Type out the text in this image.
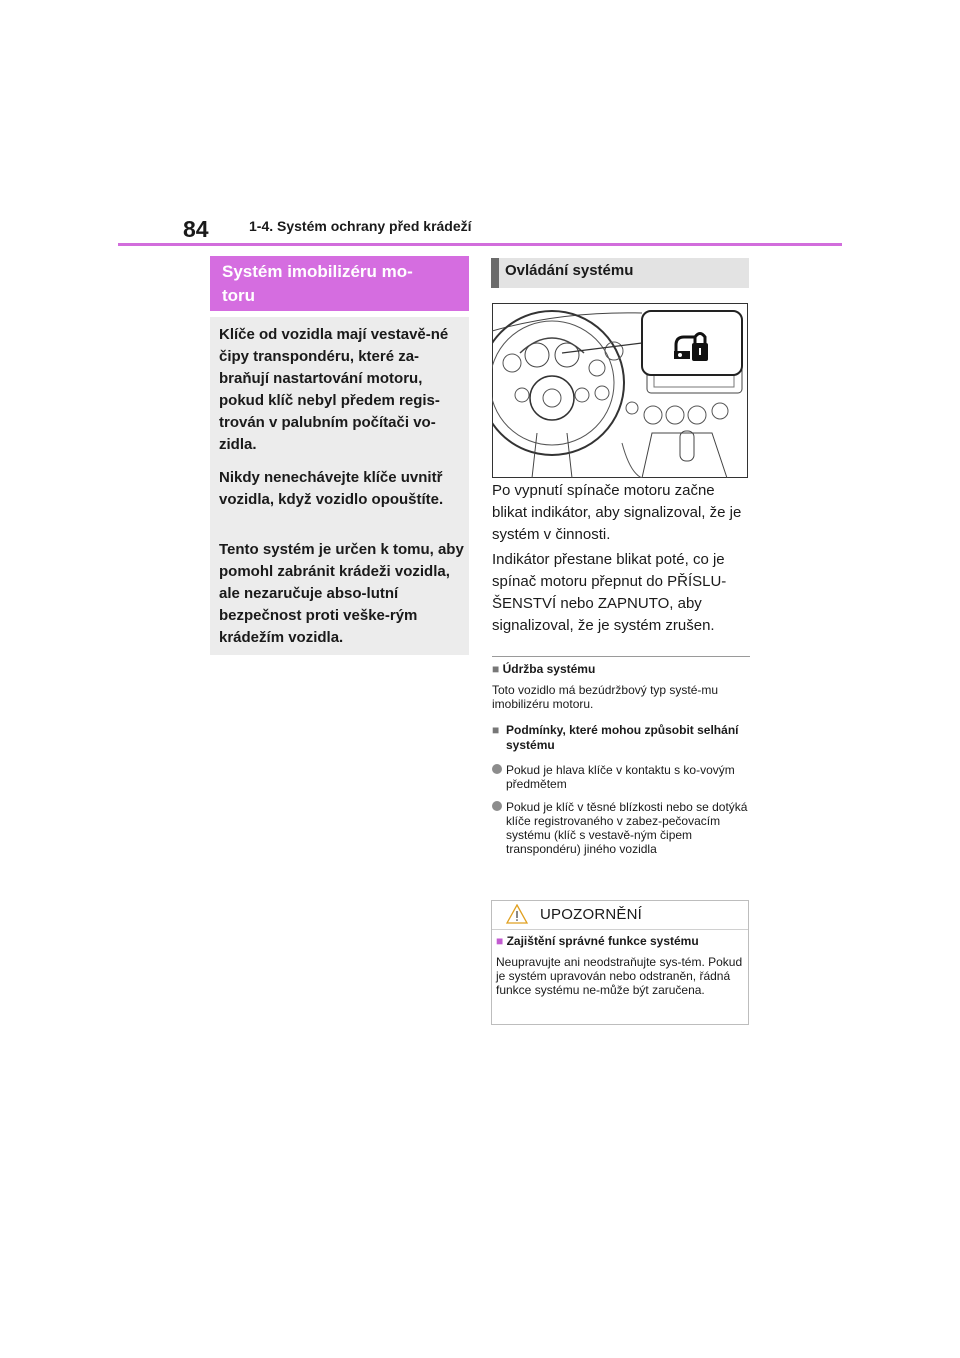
84	1-4. Systém ochrany před krádeží
Systém imobilizéru mo-
toru
Klíče od vozidla mají vestavě-né čipy transpondéru, které za-braňují nastartování motoru, pokud klíč nebyl předem regis-trován v palubním počítači vo-zidla.
Nikdy nenechávejte klíče uvnitř vozidla, když vozidlo opouštíte.
Tento systém je určen k tomu, aby pomohl zabránit krádeži vozidla, ale nezaručuje abso-lutní bezpečnost proti veške-rým krádežím vozidla.
Ovládání systému
Po vypnutí spínače motoru začne blikat indikátor, aby signalizoval, že je systém v činnosti.
Indikátor přestane blikat poté, co je spínač motoru přepnut do PŘÍSLU-ŠENSTVÍ nebo ZAPNUTO, aby signalizoval, že je systém zrušen.
■ Údržba systému
Toto vozidlo má bezúdržbový typ systé-mu imobilizéru motoru.
■ Podmínky, které mohou způsobit selhání systému
Pokud je hlava klíče v kontaktu s ko-vovým předmětem
Pokud je klíč v těsné blízkosti nebo se dotýká klíče registrovaného v zabez-pečovacím systému (klíč s vestavě-ným čipem transpondéru) jiného vozidla
UPOZORNĚNÍ
■ Zajištění správné funkce systému
Neupravujte ani neodstraňujte sys-tém. Pokud je systém upravován nebo odstraněn, řádná funkce systému ne-může být zaručena.
